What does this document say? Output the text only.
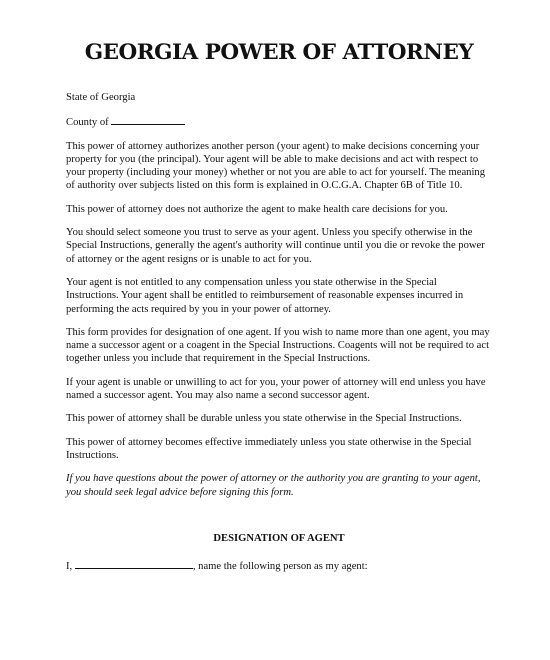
GEORGIA POWER OF ATTORNEY
State of Georgia
County of

This power of attorney authorizes another person (your agent) to make decisions concerning your property for you (the principal). Your agent will be able to make decisions and act with respect to your property (including your money) whether or not you are able to act for yourself. The meaning of authority over subjects listed on this form is explained in O.C.G.A. Chapter 6B of Title 10.

This power of attorney does not authorize the agent to make health care decisions for you.

You should select someone you trust to serve as your agent. Unless you specify otherwise in the Special Instructions, generally the agent's authority will continue until you die or revoke the power of attorney or the agent resigns or is unable to act for you.

Your agent is not entitled to any compensation unless you state otherwise in the Special Instructions. Your agent shall be entitled to reimbursement of reasonable expenses incurred in performing the acts required by you in your power of attorney.

This form provides for designation of one agent. If you wish to name more than one agent, you may name a successor agent or a coagent in the Special Instructions. Coagents will not be required to act together unless you include that requirement in the Special Instructions.

If your agent is unable or unwilling to act for you, your power of attorney will end unless you have named a successor agent. You may also name a second successor agent.

This power of attorney shall be durable unless you state otherwise in the Special Instructions.

This power of attorney becomes effective immediately unless you state otherwise in the Special Instructions.

If you have questions about the power of attorney or the authority you are granting to your agent, you should seek legal advice before signing this form.

DESIGNATION OF AGENT
I,	, name the following person as my agent:
